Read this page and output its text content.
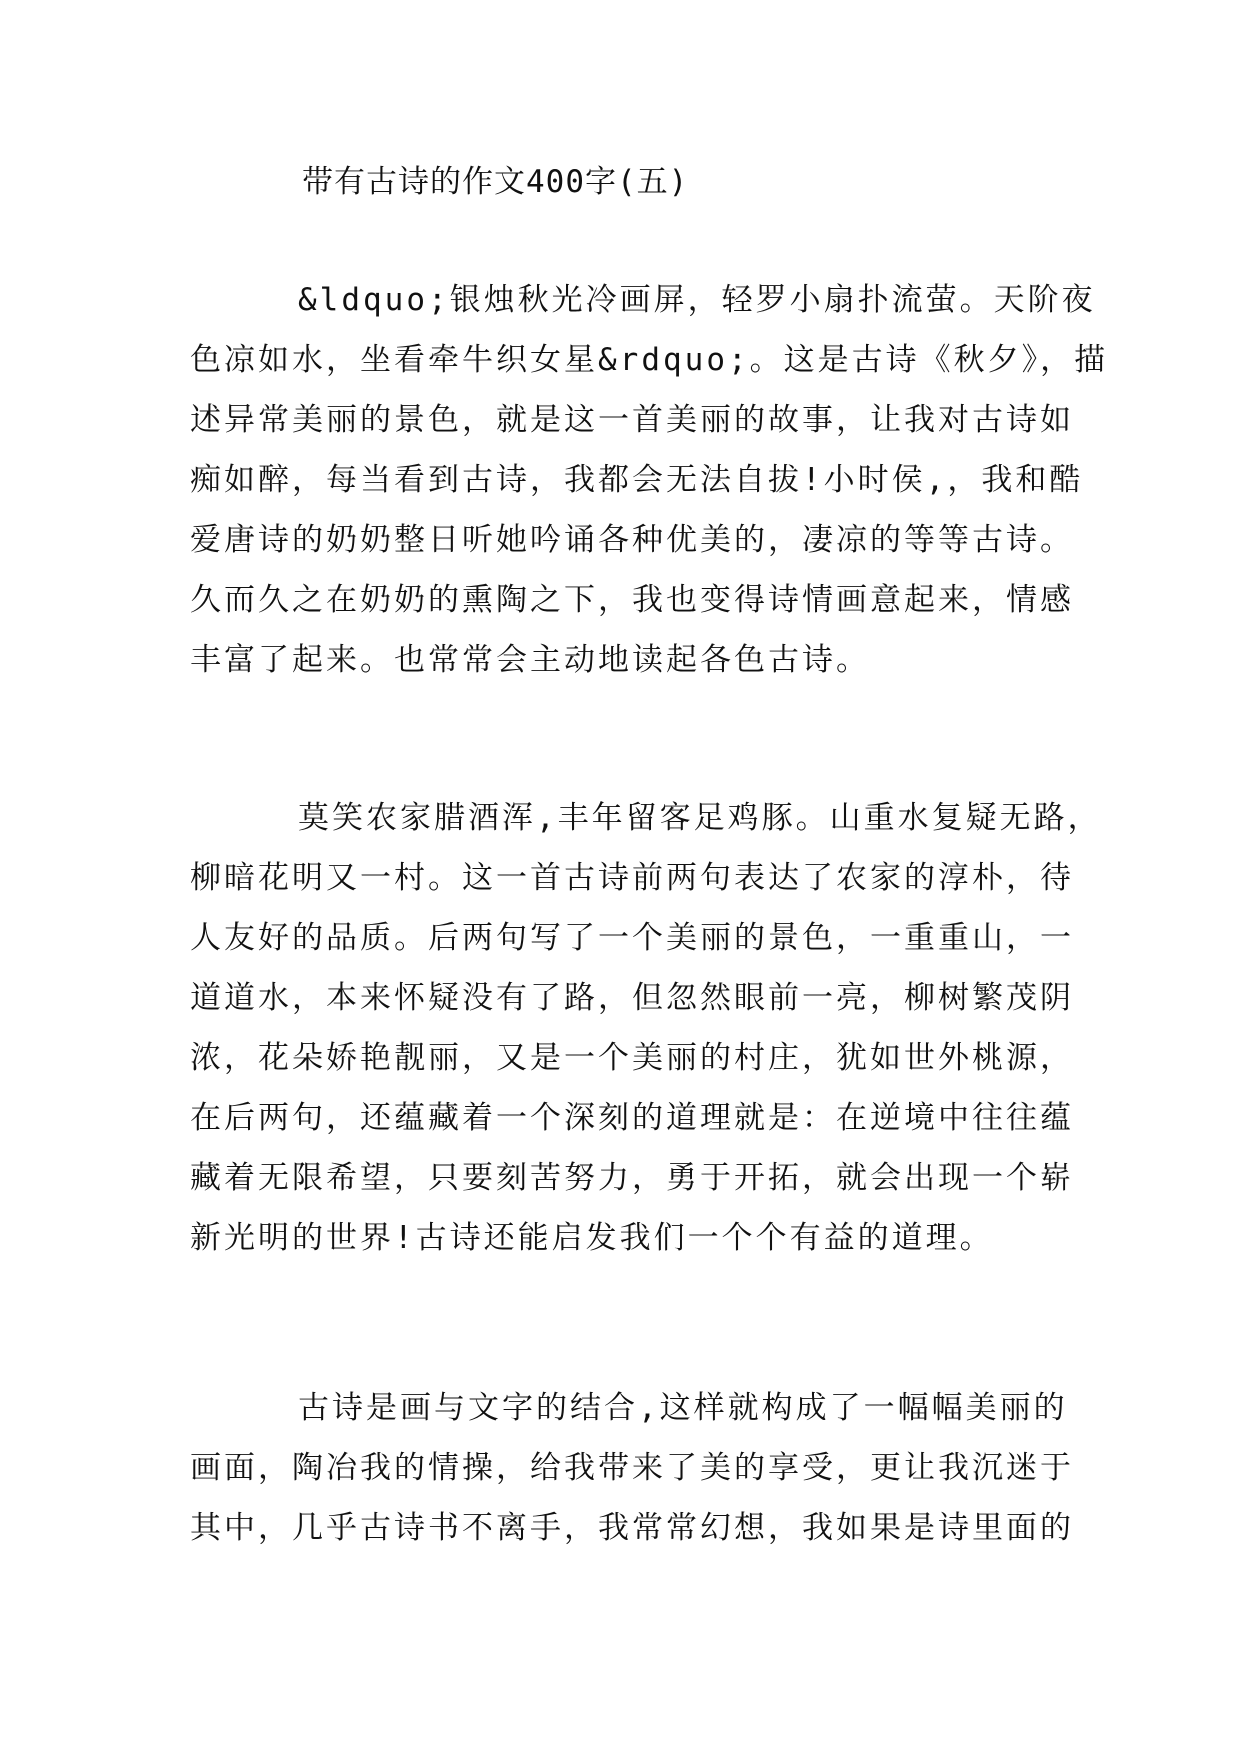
带有古诗的作文400字(五)

&ldquo;银烛秋光冷画屏，轻罗小扇扑流萤。天阶夜
色凉如水，坐看牵牛织女星&rdquo;。这是古诗《秋夕》，描
述异常美丽的景色，就是这一首美丽的故事，让我对古诗如
痴如醉，每当看到古诗，我都会无法自拔!小时侯,，我和酷
爱唐诗的奶奶整日听她吟诵各种优美的，凄凉的等等古诗。
久而久之在奶奶的熏陶之下，我也变得诗情画意起来，情感
丰富了起来。也常常会主动地读起各色古诗。

莫笑农家腊酒浑,丰年留客足鸡豚。山重水复疑无路，
柳暗花明又一村。这一首古诗前两句表达了农家的淳朴，待
人友好的品质。后两句写了一个美丽的景色，一重重山，一
道道水，本来怀疑没有了路，但忽然眼前一亮，柳树繁茂阴
浓，花朵娇艳靓丽，又是一个美丽的村庄，犹如世外桃源，
在后两句，还蕴藏着一个深刻的道理就是：在逆境中往往蕴
藏着无限希望，只要刻苦努力，勇于开拓，就会出现一个崭
新光明的世界!古诗还能启发我们一个个有益的道理。

古诗是画与文字的结合,这样就构成了一幅幅美丽的
画面，陶冶我的情操，给我带来了美的享受，更让我沉迷于
其中，几乎古诗书不离手，我常常幻想，我如果是诗里面的
